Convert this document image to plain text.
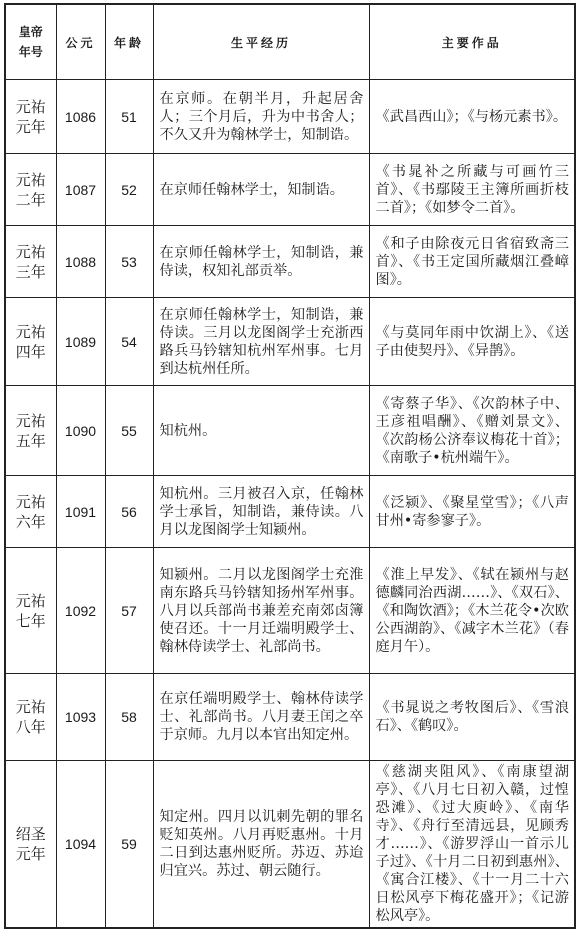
皇帝
年号	公元	年龄	生平经历	主要作品

元祐
元年	1086	51	在京师。在朝半月，升起居舍人；三个月后，升为中书舍人；不久又升为翰林学士，知制诰。	《武昌西山》；《与杨元素书》。

元祐
二年	1087	52	在京师任翰林学士，知制诰。	《书晁补之所藏与可画竹三首》、《书鄢陵王主簿所画折枝二首》；《如梦令二首》。

元祐
三年	1088	53	在京师任翰林学士，知制诰，兼侍读，权知礼部贡举。	《和子由除夜元日省宿致斋三首》、《书王定国所藏烟江叠嶂图》。

元祐
四年	1089	54	在京师任翰林学士，知制诰，兼侍读。三月以龙图阁学士充浙西路兵马钤辖知杭州军州事。七月到达杭州任所。	《与莫同年雨中饮湖上》、《送子由使契丹》、《异鹊》。

元祐
五年	1090	55	知杭州。	《寄蔡子华》、《次韵林子中、王彦祖唱酬》、《赠刘景文》、《次韵杨公济奉议梅花十首》；《南歌子•杭州端午》。

元祐
六年	1091	56	知杭州。三月被召入京，任翰林学士承旨，知制诰，兼侍读。八月以龙图阁学士知颍州。	《泛颍》、《聚星堂雪》；《八声甘州•寄参寥子》。

元祐
七年	1092	57	知颍州。二月以龙图阁学士充淮南东路兵马钤辖知扬州军州事。八月以兵部尚书兼差充南郊卤簿使召还。十一月迁端明殿学士、翰林侍读学士、礼部尚书。	《淮上早发》、《轼在颍州与赵德麟同治西湖……》、《双石》、《和陶饮酒》；《木兰花令•次欧公西湖韵》、《减字木兰花》（春庭月午）。

元祐
八年	1093	58	在京任端明殿学士、翰林侍读学士、礼部尚书。八月妻王闰之卒于京师。九月以本官出知定州。	《书晁说之考牧图后》、《雪浪石》、《鹤叹》。

绍圣
元年	1094	59	知定州。四月以讥刺先朝的罪名贬知英州。八月再贬惠州。十月二日到达惠州贬所。苏迈、苏迨归宜兴。苏过、朝云随行。	《慈湖夹阻风》、《南康望湖亭》、《八月七日初入赣，过惶恐滩》、《过大庾岭》、《南华寺》、《舟行至清远县，见顾秀才……》、《游罗浮山一首示儿子过》、《十月二日初到惠州》、《寓合江楼》、《十一月二十六日松风亭下梅花盛开》；《记游松风亭》。
